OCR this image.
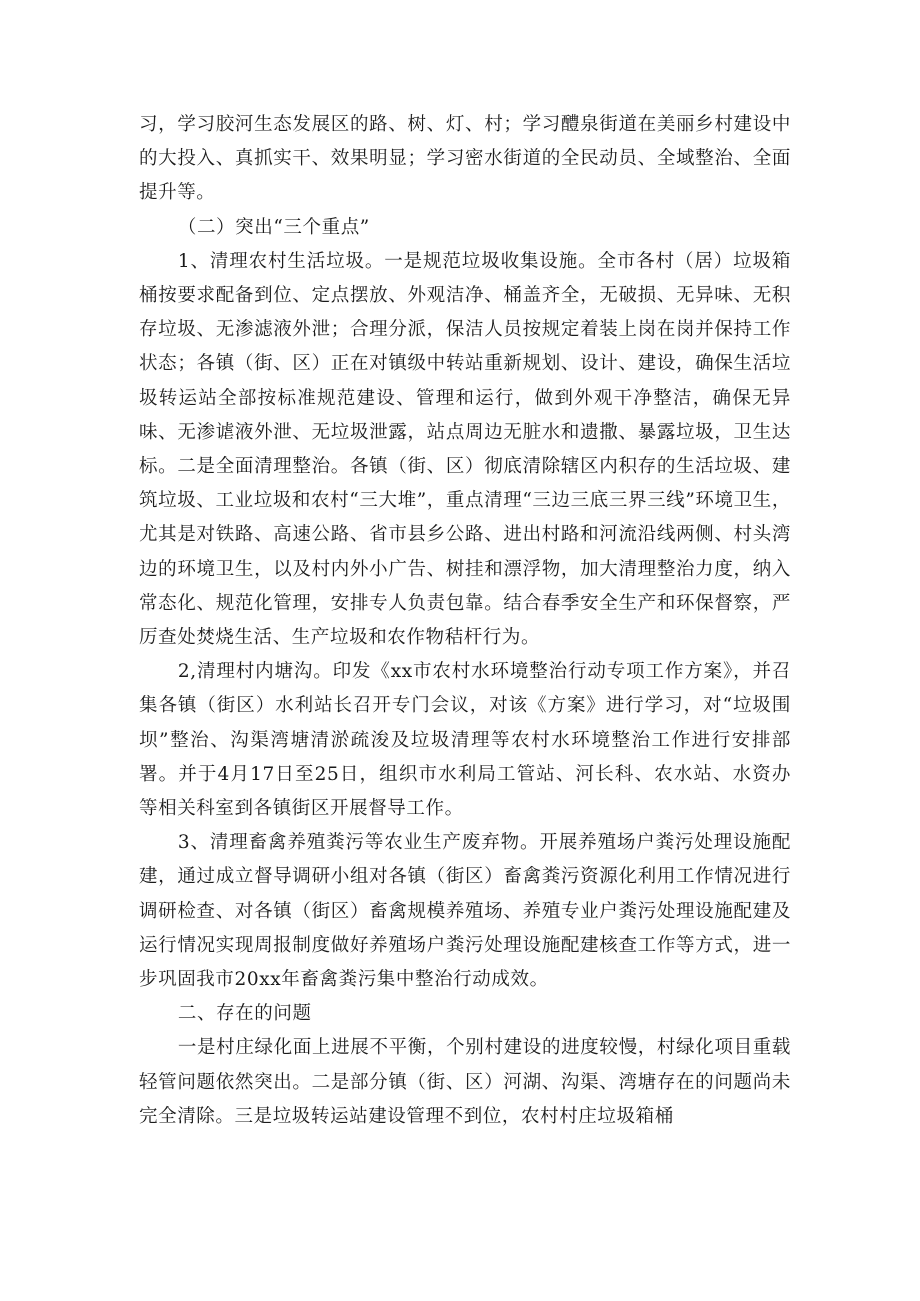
习，学习胶河生态发展区的路、树、灯、村；学习醴泉街道在美丽乡村建设中的大投入、真抓实干、效果明显；学习密水街道的全民动员、全域整治、全面提升等。

（二）突出“三个重点”

1、清理农村生活垃圾。一是规范垃圾收集设施。全市各村（居）垃圾箱桶按要求配备到位、定点摆放、外观洁净、桶盖齐全，无破损、无异味、无积存垃圾、无渗滤液外泄；合理分派，保洁人员按规定着装上岗在岗并保持工作状态；各镇（街、区）正在对镇级中转站重新规划、设计、建设，确保生活垃圾转运站全部按标准规范建设、管理和运行，做到外观干净整洁，确保无异味、无渗谑液外泄、无垃圾泄露，站点周边无脏水和遗撒、暴露垃圾，卫生达标。二是全面清理整治。各镇（街、区）彻底清除辖区内积存的生活垃圾、建筑垃圾、工业垃圾和农村“三大堆”，重点清理“三边三底三界三线”环境卫生，尤其是对铁路、高速公路、省市县乡公路、进出村路和河流沿线两侧、村头湾边的环境卫生，以及村内外小广告、树挂和漂浮物，加大清理整治力度，纳入常态化、规范化管理，安排专人负责包靠。结合春季安全生产和环保督察，严厉查处焚烧生活、生产垃圾和农作物秸杆行为。

2,清理村内塘沟。印发《xx市农村水环境整治行动专项工作方案》，并召集各镇（街区）水利站长召开专门会议，对该《方案》进行学习，对“垃圾围坝”整治、沟渠湾塘清淤疏浚及垃圾清理等农村水环境整治工作进行安排部署。并于4月17日至25日，组织市水利局工管站、河长科、农水站、水资办等相关科室到各镇街区开展督导工作。

3、清理畜禽养殖粪污等农业生产废弃物。开展养殖场户粪污处理设施配建，通过成立督导调研小组对各镇（街区）畜禽粪污资源化利用工作情况进行调研检查、对各镇（街区）畜禽规模养殖场、养殖专业户粪污处理设施配建及运行情况实现周报制度做好养殖场户粪污处理设施配建核查工作等方式，进一步巩固我市20xx年畜禽粪污集中整治行动成效。

二、存在的问题

一是村庄绿化面上进展不平衡，个别村建设的进度较慢，村绿化项目重载轻管问题依然突出。二是部分镇（街、区）河湖、沟渠、湾塘存在的问题尚未完全清除。三是垃圾转运站建设管理不到位，农村村庄垃圾箱桶
